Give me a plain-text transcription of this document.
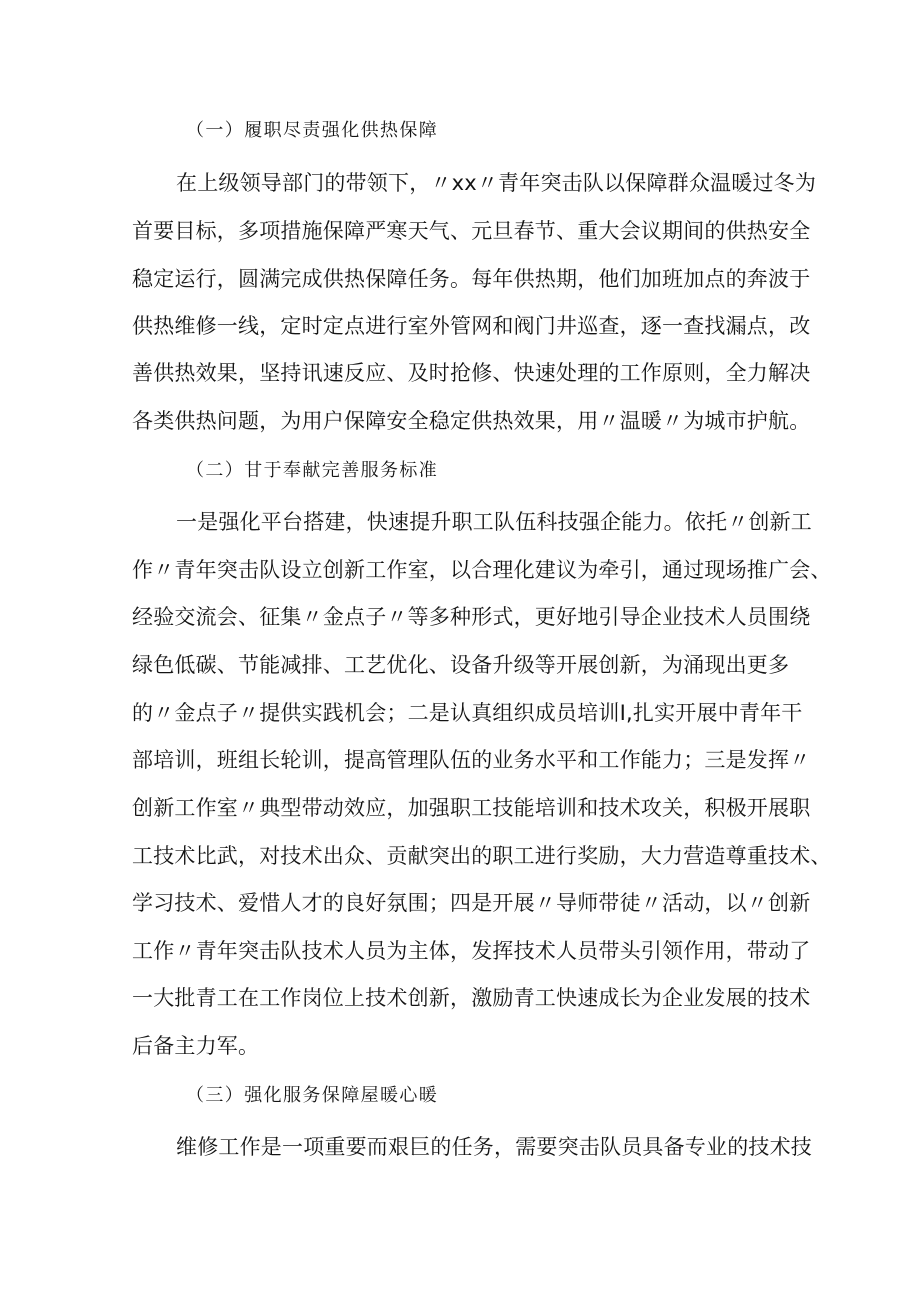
（一）履职尽责强化供热保障

在上级领导部门的带领下，〃xx〃青年突击队以保障群众温暖过冬为

首要目标，多项措施保障严寒天气、元旦春节、重大会议期间的供热安全

稳定运行，圆满完成供热保障任务。每年供热期，他们加班加点的奔波于

供热维修一线，定时定点进行室外管网和阀门井巡查，逐一查找漏点，改

善供热效果，坚持讯速反应、及时抢修、快速处理的工作原则，全力解决

各类供热问题，为用户保障安全稳定供热效果，用〃温暖〃为城市护航。

（二）甘于奉献完善服务标准

一是强化平台搭建，快速提升职工队伍科技强企能力。依托〃创新工

作〃青年突击队设立创新工作室，以合理化建议为牵引，通过现场推广会、

经验交流会、征集〃金点子〃等多种形式，更好地引导企业技术人员围绕

绿色低碳、节能减排、工艺优化、设备升级等开展创新，为涌现出更多

的〃金点子〃提供实践机会；二是认真组织成员培训Ⅰ,扎实开展中青年干

部培训，班组长轮训，提高管理队伍的业务水平和工作能力；三是发挥〃

创新工作室〃典型带动效应，加强职工技能培训和技术攻关，积极开展职

工技术比武，对技术出众、贡献突出的职工进行奖励，大力营造尊重技术、

学习技术、爱惜人才的良好氛围；四是开展〃导师带徒〃活动，以〃创新

工作〃青年突击队技术人员为主体，发挥技术人员带头引领作用，带动了

一大批青工在工作岗位上技术创新，激励青工快速成长为企业发展的技术

后备主力军。

（三）强化服务保障屋暖心暖

维修工作是一项重要而艰巨的任务，需要突击队员具备专业的技术技
